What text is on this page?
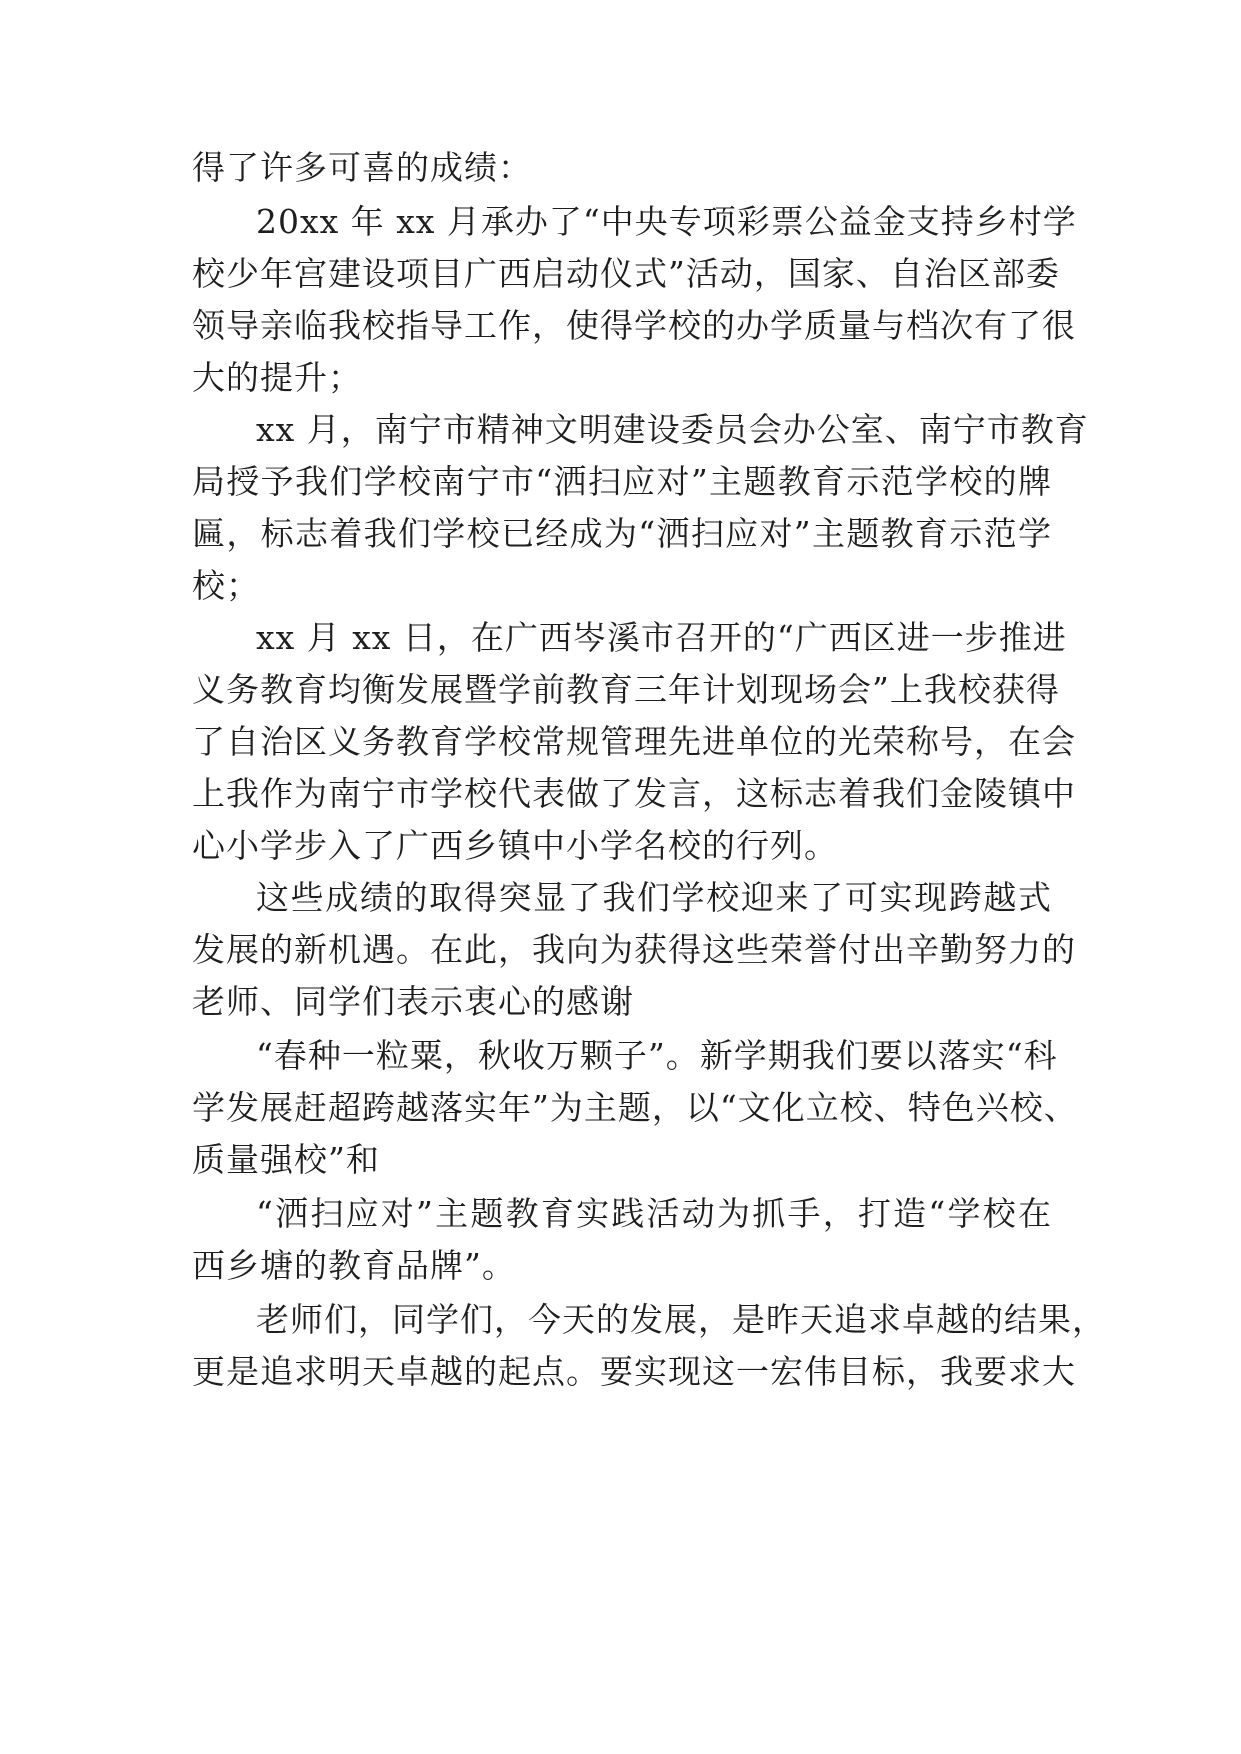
得了许多可喜的成绩：

20xx 年 xx 月承办了“中央专项彩票公益金支持乡村学

校少年宫建设项目广西启动仪式”活动，国家、自治区部委

领导亲临我校指导工作，使得学校的办学质量与档次有了很

大的提升；

xx 月，南宁市精神文明建设委员会办公室、南宁市教育

局授予我们学校南宁市“洒扫应对”主题教育示范学校的牌

匾，标志着我们学校已经成为“洒扫应对”主题教育示范学

校；

xx 月 xx 日，在广西岑溪市召开的“广西区进一步推进

义务教育均衡发展暨学前教育三年计划现场会”上我校获得

了自治区义务教育学校常规管理先进单位的光荣称号，在会

上我作为南宁市学校代表做了发言，这标志着我们金陵镇中

心小学步入了广西乡镇中小学名校的行列。

这些成绩的取得突显了我们学校迎来了可实现跨越式

发展的新机遇。在此，我向为获得这些荣誉付出辛勤努力的

老师、同学们表示衷心的感谢

“春种一粒粟，秋收万颗子”。新学期我们要以落实“科

学发展赶超跨越落实年”为主题，以“文化立校、特色兴校、

质量强校”和

“洒扫应对”主题教育实践活动为抓手，打造“学校在

西乡塘的教育品牌”。

老师们，同学们，今天的发展，是昨天追求卓越的结果，

更是追求明天卓越的起点。要实现这一宏伟目标，我要求大
